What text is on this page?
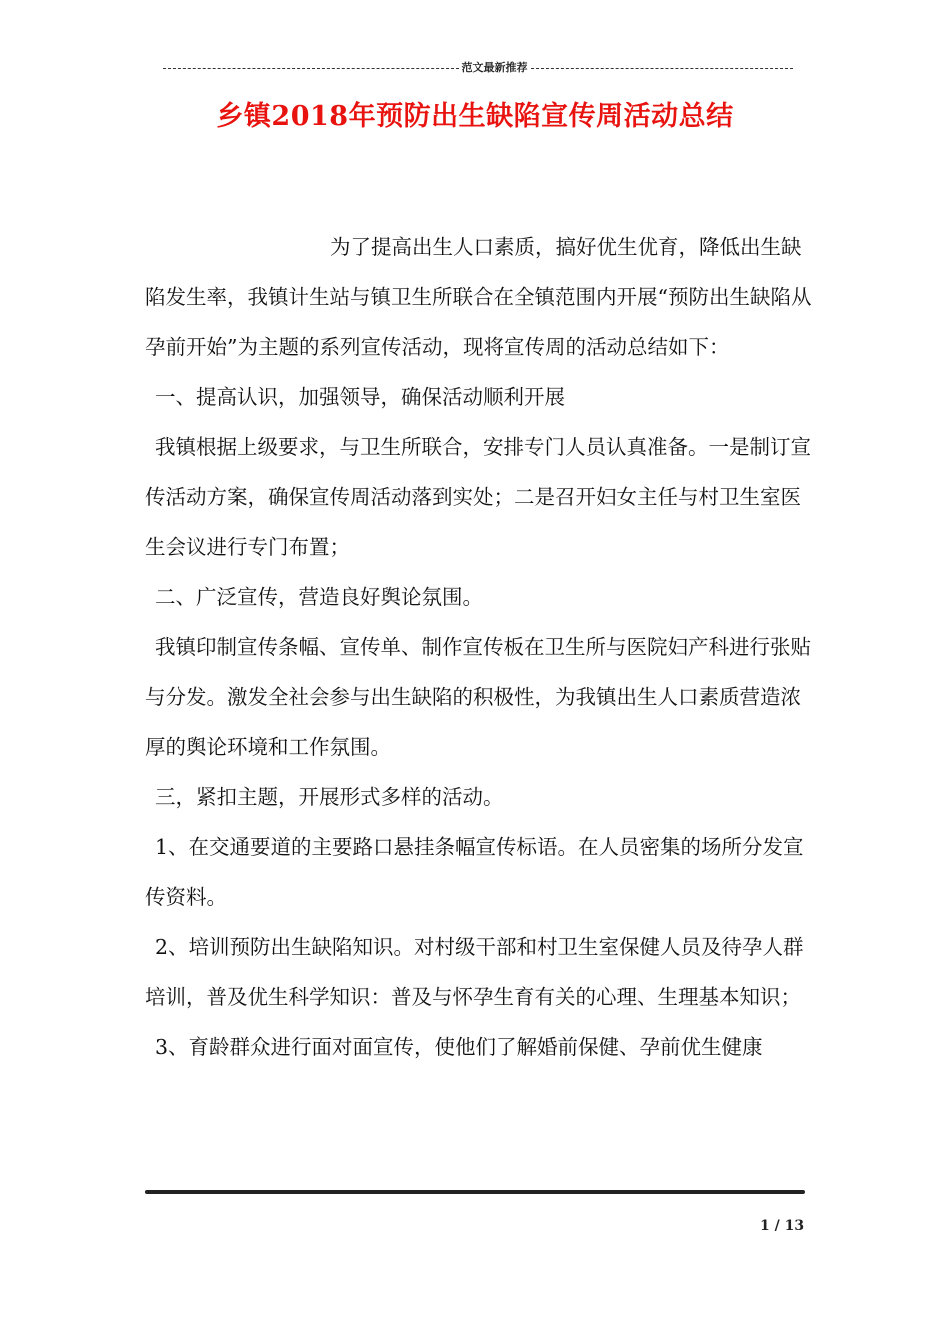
范文最新推荐
乡镇2018年预防出生缺陷宣传周活动总结

为了提高出生人口素质，搞好优生优育，降低出生缺陷发生率，我镇计生站与镇卫生所联合在全镇范围内开展“预防出生缺陷从孕前开始”为主题的系列宣传活动，现将宣传周的活动总结如下：

一、提高认识，加强领导，确保活动顺利开展

我镇根据上级要求，与卫生所联合，安排专门人员认真准备。一是制订宣传活动方案，确保宣传周活动落到实处；二是召开妇女主任与村卫生室医生会议进行专门布置；

二、广泛宣传，营造良好舆论氛围。

我镇印制宣传条幅、宣传单、制作宣传板在卫生所与医院妇产科进行张贴与分发。激发全社会参与出生缺陷的积极性，为我镇出生人口素质营造浓厚的舆论环境和工作氛围。

三，紧扣主题，开展形式多样的活动。

1、在交通要道的主要路口悬挂条幅宣传标语。在人员密集的场所分发宣传资料。

2、培训预防出生缺陷知识。对村级干部和村卫生室保健人员及待孕人群培训，普及优生科学知识：普及与怀孕生育有关的心理、生理基本知识；

3、育龄群众进行面对面宣传，使他们了解婚前保健、孕前优生健康

1 / 13
